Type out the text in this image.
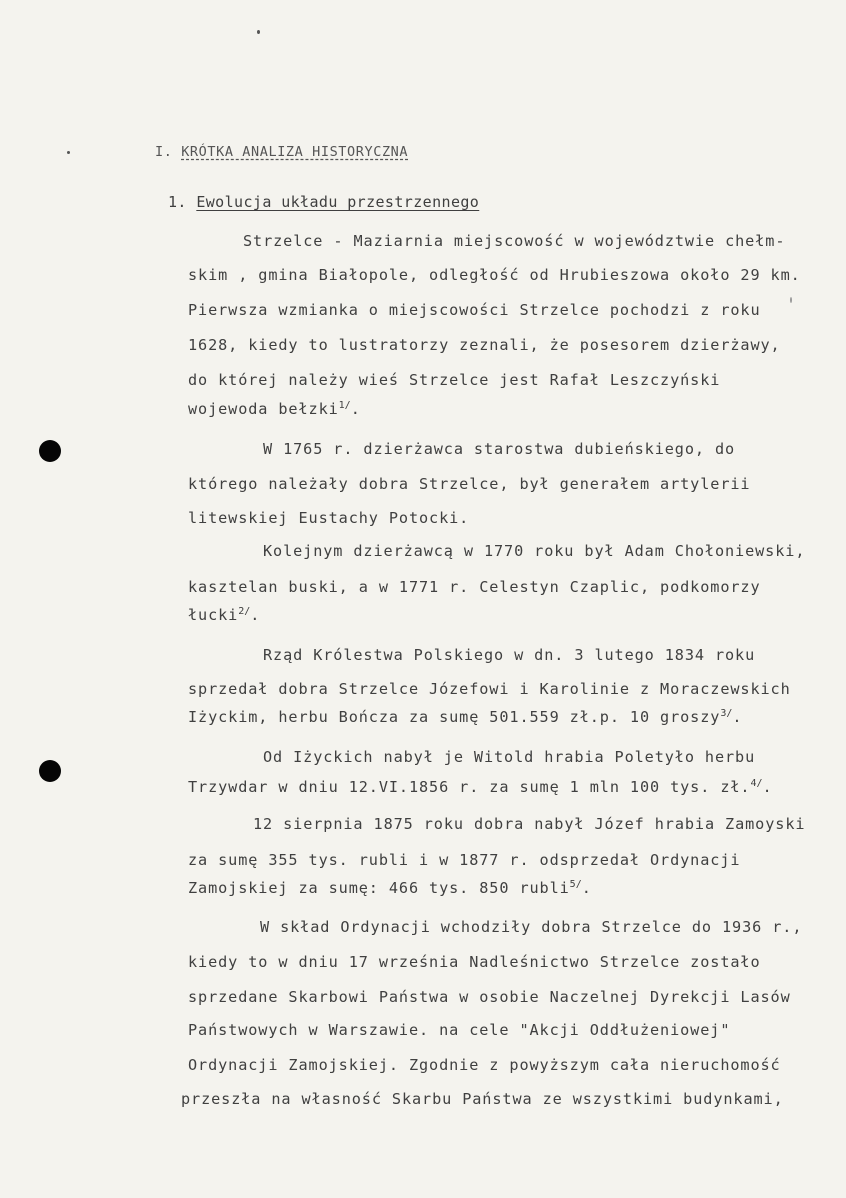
I. KRÓTKA ANALIZA HISTORYCZNA
1. Ewolucja układu przestrzennego
Strzelce - Maziarnia miejscowość w województwie chełm-
skim , gmina Białopole, odległość od Hrubieszowa około 29 km.
Pierwsza wzmianka o miejscowości Strzelce pochodzi z roku
1628, kiedy to lustratorzy zeznali, że posesorem dzierżawy,
do której należy wieś Strzelce jest Rafał Leszczyński
wojewoda bełzki$^{1/}$.
W 1765 r. dzierżawca starostwa dubieńskiego, do
którego należały dobra Strzelce, był generałem artylerii
litewskiej Eustachy Potocki.
Kolejnym dzierżawcą w 1770 roku był Adam Chołoniewski,
kasztelan buski, a w 1771 r. Celestyn Czaplic, podkomorzy
łucki$^{2/}$.
Rząd Królestwa Polskiego w dn. 3 lutego 1834 roku
sprzedał dobra Strzelce Józefowi i Karolinie z Moraczewskich
Iżyckim, herbu Bończa za sumę 501.559 zł.p. 10 groszy$^{3/}$.
Od Iżyckich nabył je Witold hrabia Poletyło herbu
Trzywdar w dniu 12.VI.1856 r. za sumę 1 mln 100 tys. zł.$^{4/}$.
12 sierpnia 1875 roku dobra nabył Józef hrabia Zamoyski
za sumę 355 tys. rubli i w 1877 r. odsprzedał Ordynacji
Zamojskiej za sumę: 466 tys. 850 rubli$^{5/}$.
W skład Ordynacji wchodziły dobra Strzelce do 1936 r.,
kiedy to w dniu 17 września Nadleśnictwo Strzelce zostało
sprzedane Skarbowi Państwa w osobie Naczelnej Dyrekcji Lasów
Państwowych w Warszawie. na cele "Akcji Oddłużeniowej"
Ordynacji Zamojskiej. Zgodnie z powyższym cała nieruchomość
przeszła na własność Skarbu Państwa ze wszystkimi budynkami,
